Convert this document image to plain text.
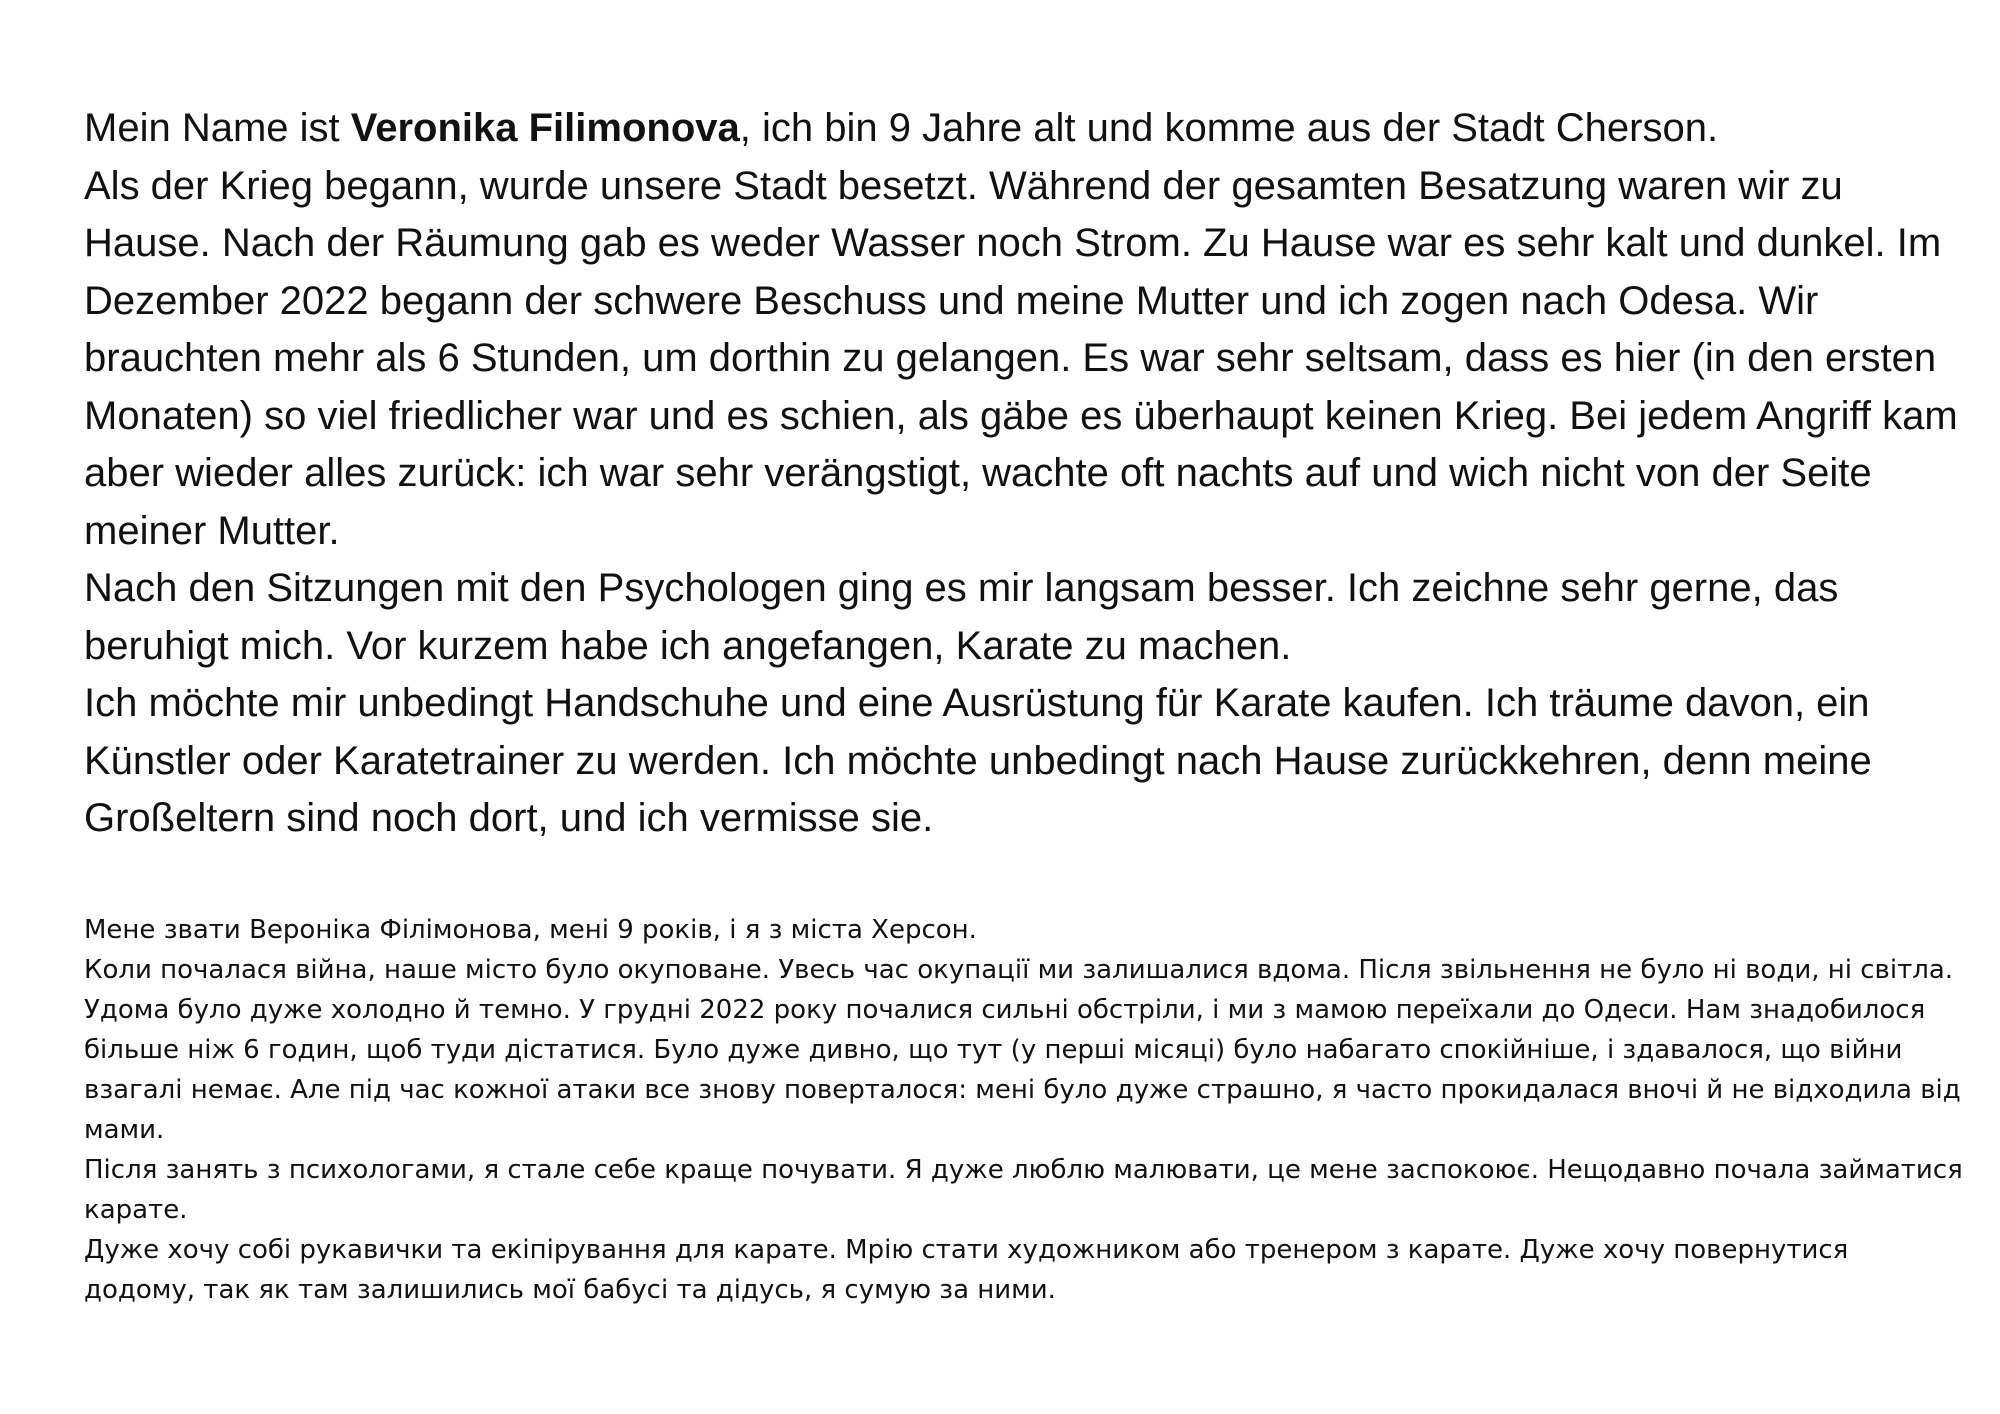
Mein Name ist Veronika Filimonova, ich bin 9 Jahre alt und komme aus der Stadt Cherson.

Als der Krieg begann, wurde unsere Stadt besetzt. Während der gesamten Besatzung waren wir zu Hause. Nach der Räumung gab es weder Wasser noch Strom. Zu Hause war es sehr kalt und dunkel. Im Dezember 2022 begann der schwere Beschuss und meine Mutter und ich zogen nach Odesa. Wir brauchten mehr als 6 Stunden, um dorthin zu gelangen. Es war sehr seltsam, dass es hier (in den ersten Monaten) so viel friedlicher war und es schien, als gäbe es überhaupt keinen Krieg. Bei jedem Angriff kam aber wieder alles zurück: ich war sehr verängstigt, wachte oft nachts auf und wich nicht von der Seite meiner Mutter.

Nach den Sitzungen mit den Psychologen ging es mir langsam besser. Ich zeichne sehr gerne, das beruhigt mich. Vor kurzem habe ich angefangen, Karate zu machen.

Ich möchte mir unbedingt Handschuhe und eine Ausrüstung für Karate kaufen. Ich träume davon, ein Künstler oder Karatetrainer zu werden. Ich möchte unbedingt nach Hause zurückkehren, denn meine Großeltern sind noch dort, und ich vermisse sie.

Мене звати Вероніка Філімонова, мені 9 років, і я з міста Херсон.

Коли почалася війна, наше місто було окуповане. Увесь час окупації ми залишалися вдома. Після звільнення не було ні води, ні світла. Удома було дуже холодно й темно. У грудні 2022 року почалися сильні обстріли, і ми з мамою переїхали до Одеси. Нам знадобилося більше ніж 6 годин, щоб туди дістатися. Було дуже дивно, що тут (у перші місяці) було набагато спокійніше, і здавалося, що війни взагалі немає. Але під час кожної атаки все знову поверталося: мені було дуже страшно, я часто прокидалася вночі й не відходила від мами.

Після занять з психологами, я стале себе краще почувати. Я дуже люблю малювати, це мене заспокоює. Нещодавно почала займатися карате.

Дуже хочу собі рукавички та екіпірування для карате. Мрію стати художником або тренером з карате. Дуже хочу повернутися додому, так як там залишились мої бабусі та дідусь, я сумую за ними.
